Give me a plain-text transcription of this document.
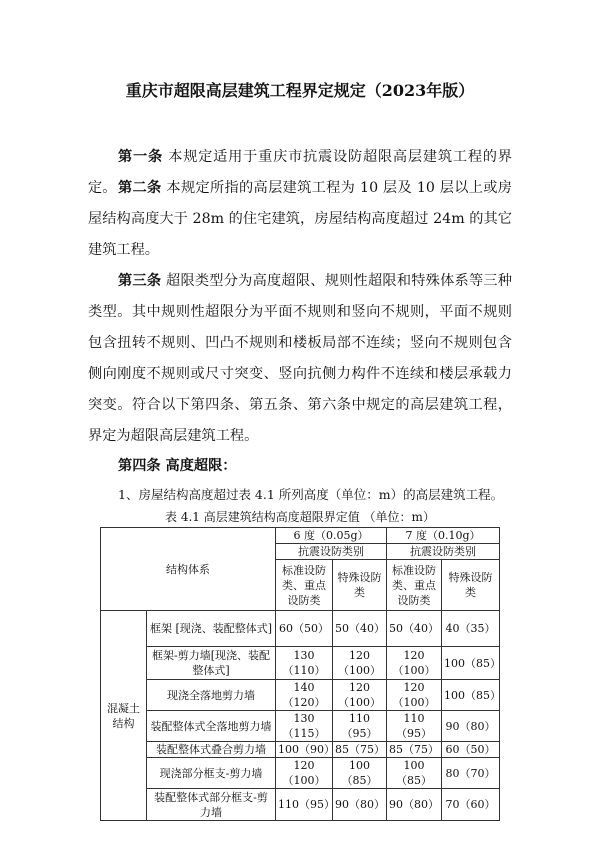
重庆市超限高层建筑工程界定规定（2023年版）

第一条 本规定适用于重庆市抗震设防超限高层建筑工程的界定。 第二条 本规定所指的高层建筑工程为 10 层及 10 层以上或房屋结构高度大于 28m 的住宅建筑，房屋结构高度超过 24m 的其它建筑工程。

第三条 超限类型分为高度超限、规则性超限和特殊体系等三种类型。其中规则性超限分为平面不规则和竖向不规则，平面不规则包含扭转不规则、凹凸不规则和楼板局部不连续；竖向不规则包含侧向刚度不规则或尺寸突变、竖向抗侧力构件不连续和楼层承载力突变。符合以下第四条、第五条、第六条中规定的高层建筑工程，界定为超限高层建筑工程。

第四条 高度超限：
1、房屋结构高度超过表 4.1 所列高度（单位：m）的高层建筑工程。
表 4.1 高层建筑结构高度超限界定值 （单位：m）
结构体系		6 度（0.05g）		7 度（0.10g）	
		抗震设防类别		抗震设防类别	
		标准设防类、重点设防类	特殊设防类	标准设防类、重点设防类	特殊设防类
混凝土结构	框架 [现浇、装配整体式]	60（50）	50（40）	50（40）	40（35）
	框架-剪力墙[现浇、装配整体式]	130（110）	120（100）	120（100）	100（85）
	现浇全落地剪力墙	140（120）	120（100）	120（100）	100（85）
	装配整体式全落地剪力墙	130（115）	110（95）	110（95）	90（80）
	装配整体式叠合剪力墙	100（90）	85（75）	85（75）	60（50）
	现浇部分框支-剪力墙	120（100）	100（85）	100（85）	80（70）
	装配整体式部分框支-剪力墙	110（95）	90（80）	90（80）	70（60）
